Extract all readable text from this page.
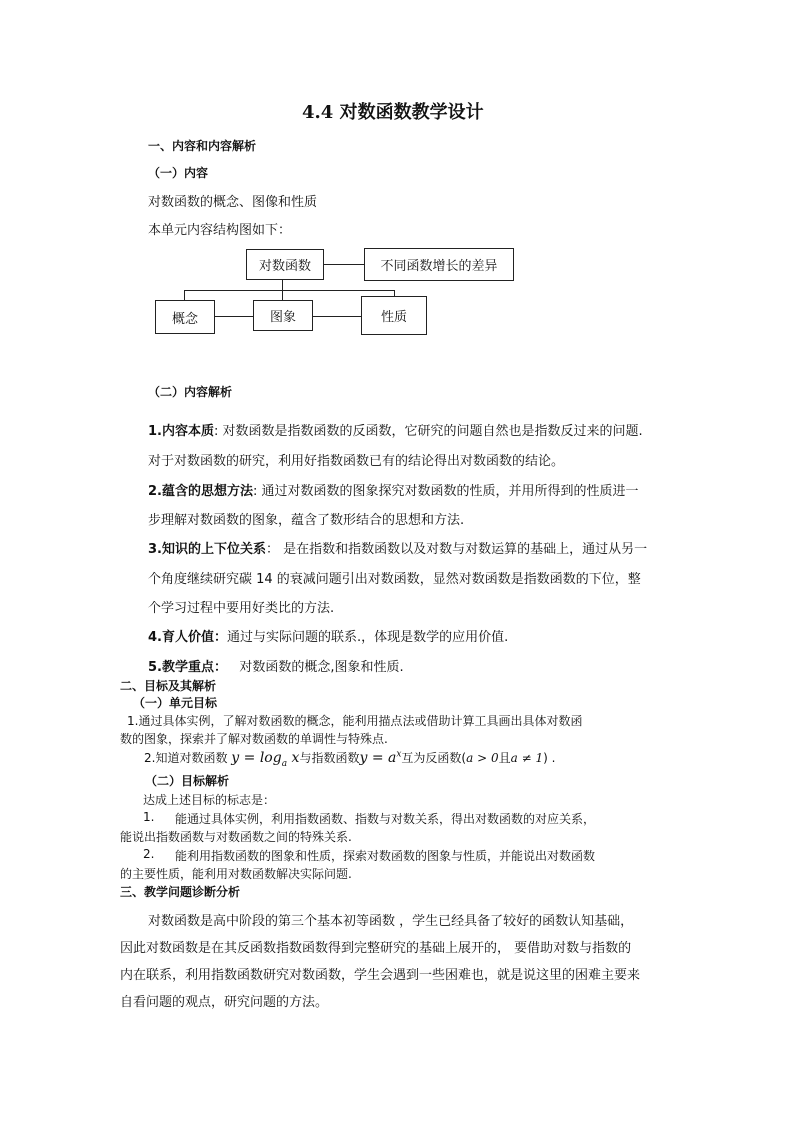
4.4 对数函数教学设计
一、内容和内容解析
（一）内容
对数函数的概念、图像和性质
本单元内容结构图如下：
对数函数	不同函数增长的差异
概念	图象	性质
（二）内容解析
1.内容本质: 对数函数是指数函数的反函数，它研究的问题自然也是指数反过来的问题.
对于对数函数的研究，利用好指数函数已有的结论得出对数函数的结论。
2.蕴含的思想方法: 通过对数函数的图象探究对数函数的性质，并用所得到的性质进一
步理解对数函数的图象，蕴含了数形结合的思想和方法.
3.知识的上下位关系： 是在指数和指数函数以及对数与对数运算的基础上，通过从另一
个角度继续研究碳 14 的衰减问题引出对数函数，显然对数函数是指数函数的下位，整
个学习过程中要用好类比的方法.
4.育人价值：通过与实际问题的联系.，体现是数学的应用价值.
5.教学重点： 对数函数的概念,图象和性质.
二、目标及其解析
（一）单元目标
1.通过具体实例，了解对数函数的概念，能利用描点法或借助计算工具画出具体对数函
数的图象，探索并了解对数函数的单调性与特殊点.
2.知道对数函数 $y = \log_a x$与指数函数$y = a^x$互为反函数(a > 0且a ≠ 1) .
（二）目标解析
达成上述目标的标志是：
1. 能通过具体实例，利用指数函数、指数与对数关系，得出对数函数的对应关系，
能说出指数函数与对数函数之间的特殊关系.
2. 能利用指数函数的图象和性质，探索对数函数的图象与性质，并能说出对数函数
的主要性质，能利用对数函数解决实际问题.
三、教学问题诊断分析
对数函数是高中阶段的第三个基本初等函数 ，学生已经具备了较好的函数认知基础，
因此对数函数是在其反函数指数函数得到完整研究的基础上展开的， 要借助对数与指数的
内在联系，利用指数函数研究对数函数，学生会遇到一些困难也，就是说这里的困难主要来
自看问题的观点，研究问题的方法。
